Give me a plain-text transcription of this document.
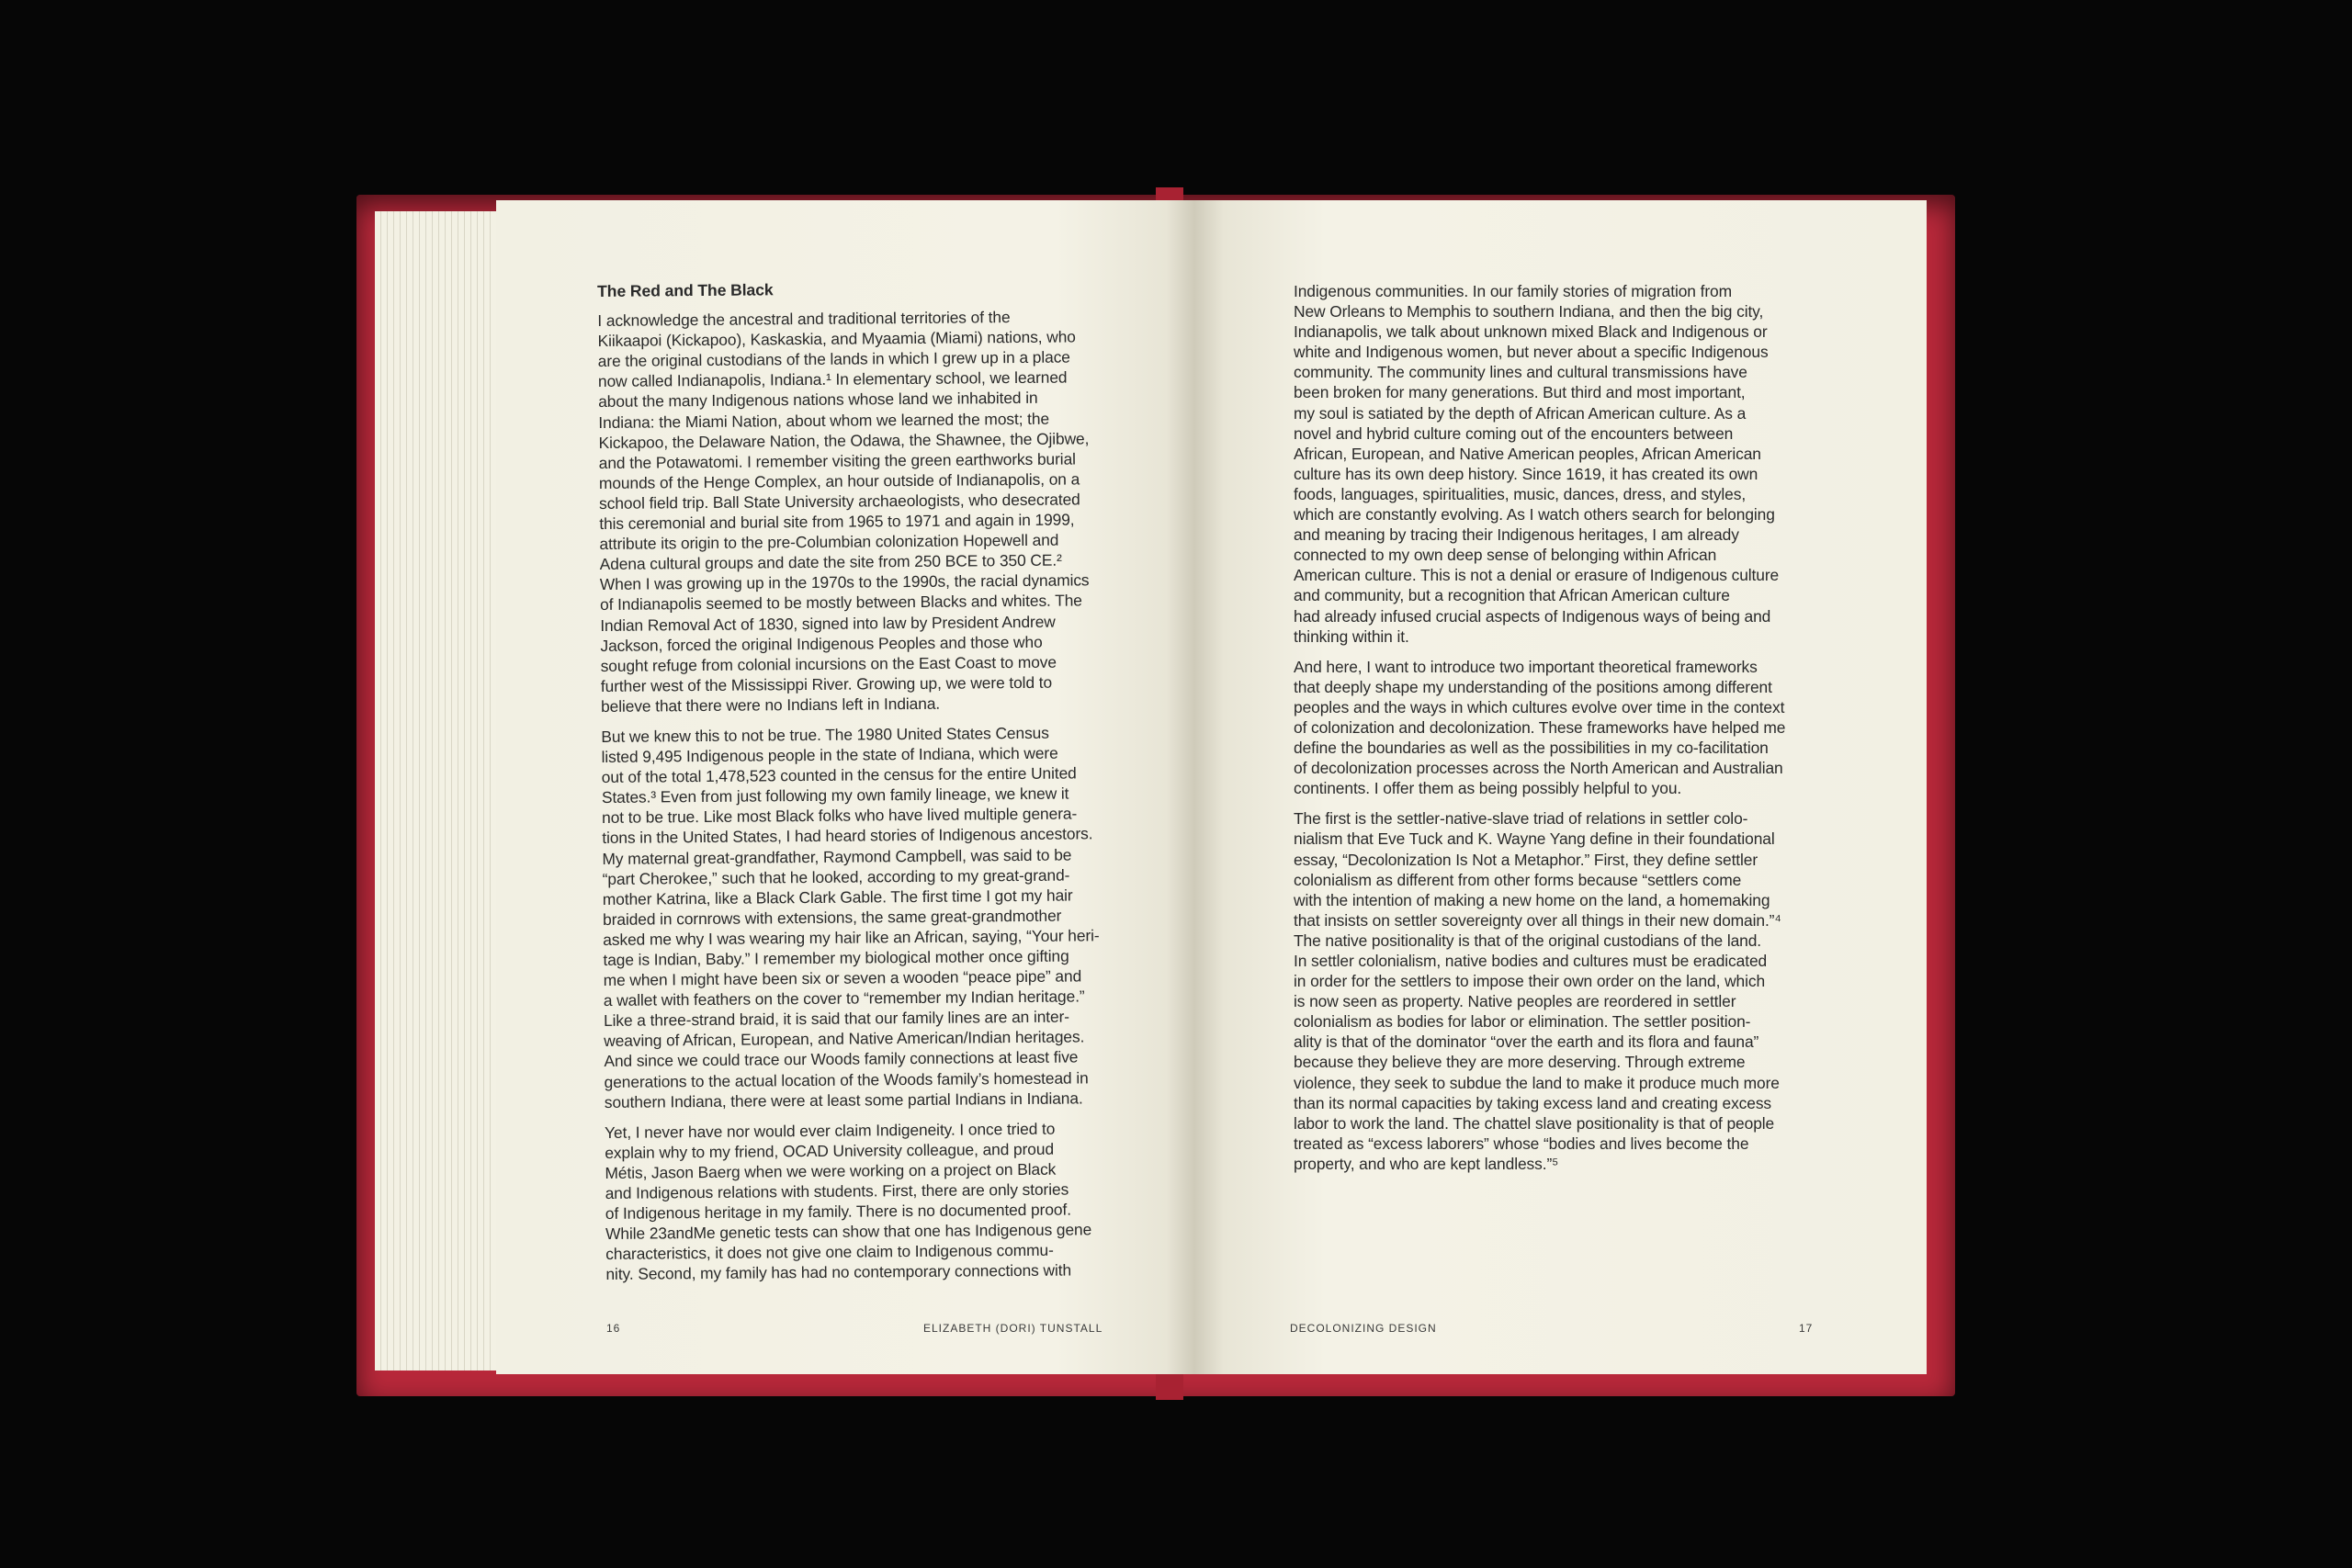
The Red and The Black
I acknowledge the ancestral and traditional territories of the
Kiikaapoi (Kickapoo), Kaskaskia, and Myaamia (Miami) nations, who
are the original custodians of the lands in which I grew up in a place
now called Indianapolis, Indiana.¹ In elementary school, we learned
about the many Indigenous nations whose land we inhabited in
Indiana: the Miami Nation, about whom we learned the most; the
Kickapoo, the Delaware Nation, the Odawa, the Shawnee, the Ojibwe,
and the Potawatomi. I remember visiting the green earthworks burial
mounds of the Henge Complex, an hour outside of Indianapolis, on a
school field trip. Ball State University archaeologists, who desecrated
this ceremonial and burial site from 1965 to 1971 and again in 1999,
attribute its origin to the pre-Columbian colonization Hopewell and
Adena cultural groups and date the site from 250 BCE to 350 CE.²
When I was growing up in the 1970s to the 1990s, the racial dynamics
of Indianapolis seemed to be mostly between Blacks and whites. The
Indian Removal Act of 1830, signed into law by President Andrew
Jackson, forced the original Indigenous Peoples and those who
sought refuge from colonial incursions on the East Coast to move
further west of the Mississippi River. Growing up, we were told to
believe that there were no Indians left in Indiana.
But we knew this to not be true. The 1980 United States Census
listed 9,495 Indigenous people in the state of Indiana, which were
out of the total 1,478,523 counted in the census for the entire United
States.³ Even from just following my own family lineage, we knew it
not to be true. Like most Black folks who have lived multiple genera-
tions in the United States, I had heard stories of Indigenous ancestors.
My maternal great-grandfather, Raymond Campbell, was said to be
“part Cherokee,” such that he looked, according to my great-grand-
mother Katrina, like a Black Clark Gable. The first time I got my hair
braided in cornrows with extensions, the same great-grandmother
asked me why I was wearing my hair like an African, saying, “Your heri-
tage is Indian, Baby.” I remember my biological mother once gifting
me when I might have been six or seven a wooden “peace pipe” and
a wallet with feathers on the cover to “remember my Indian heritage.”
Like a three-strand braid, it is said that our family lines are an inter-
weaving of African, European, and Native American/Indian heritages.
And since we could trace our Woods family connections at least five
generations to the actual location of the Woods family’s homestead in
southern Indiana, there were at least some partial Indians in Indiana.
Yet, I never have nor would ever claim Indigeneity. I once tried to
explain why to my friend, OCAD University colleague, and proud
Métis, Jason Baerg when we were working on a project on Black
and Indigenous relations with students. First, there are only stories
of Indigenous heritage in my family. There is no documented proof.
While 23andMe genetic tests can show that one has Indigenous gene
characteristics, it does not give one claim to Indigenous commu-
nity. Second, my family has had no contemporary connections with
16	ELIZABETH (DORI) TUNSTALL
Indigenous communities. In our family stories of migration from
New Orleans to Memphis to southern Indiana, and then the big city,
Indianapolis, we talk about unknown mixed Black and Indigenous or
white and Indigenous women, but never about a specific Indigenous
community. The community lines and cultural transmissions have
been broken for many generations. But third and most important,
my soul is satiated by the depth of African American culture. As a
novel and hybrid culture coming out of the encounters between
African, European, and Native American peoples, African American
culture has its own deep history. Since 1619, it has created its own
foods, languages, spiritualities, music, dances, dress, and styles,
which are constantly evolving. As I watch others search for belonging
and meaning by tracing their Indigenous heritages, I am already
connected to my own deep sense of belonging within African
American culture. This is not a denial or erasure of Indigenous culture
and community, but a recognition that African American culture
had already infused crucial aspects of Indigenous ways of being and
thinking within it.
And here, I want to introduce two important theoretical frameworks
that deeply shape my understanding of the positions among different
peoples and the ways in which cultures evolve over time in the context
of colonization and decolonization. These frameworks have helped me
define the boundaries as well as the possibilities in my co-facilitation
of decolonization processes across the North American and Australian
continents. I offer them as being possibly helpful to you.
The first is the settler-native-slave triad of relations in settler colo-
nialism that Eve Tuck and K. Wayne Yang define in their foundational
essay, “Decolonization Is Not a Metaphor.” First, they define settler
colonialism as different from other forms because “settlers come
with the intention of making a new home on the land, a homemaking
that insists on settler sovereignty over all things in their new domain.”⁴
The native positionality is that of the original custodians of the land.
In settler colonialism, native bodies and cultures must be eradicated
in order for the settlers to impose their own order on the land, which
is now seen as property. Native peoples are reordered in settler
colonialism as bodies for labor or elimination. The settler position-
ality is that of the dominator “over the earth and its flora and fauna”
because they believe they are more deserving. Through extreme
violence, they seek to subdue the land to make it produce much more
than its normal capacities by taking excess land and creating excess
labor to work the land. The chattel slave positionality is that of people
treated as “excess laborers” whose “bodies and lives become the
property, and who are kept landless.”⁵
DECOLONIZING DESIGN	17
